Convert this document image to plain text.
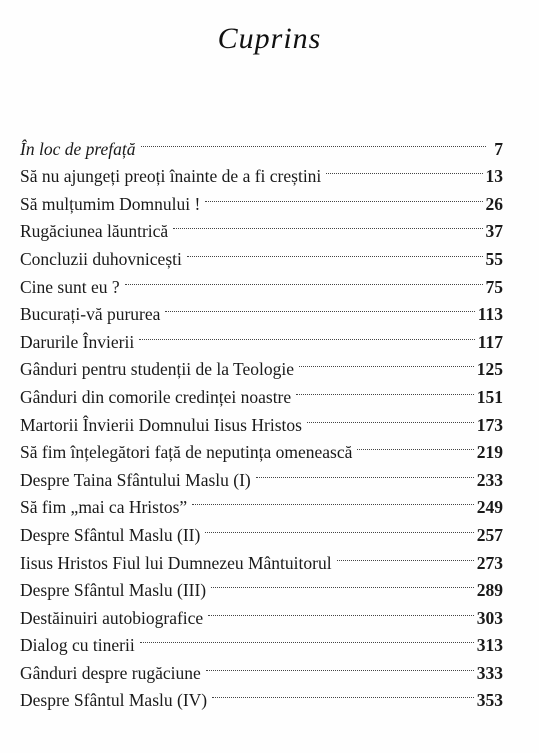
Cuprins
În loc de prefață	7
Să nu ajungeți preoți înainte de a fi creștini	13
Să mulțumim Domnului !	26
Rugăciunea lăuntrică	37
Concluzii duhovnicești	55
Cine sunt eu ?	75
Bucurați-vă pururea	113
Darurile Învierii	117
Gânduri pentru studenții de la Teologie	125
Gânduri din comorile credinței noastre	151
Martorii Învierii Domnului Iisus Hristos	173
Să fim înțelegători față de neputința omenească	219
Despre Taina Sfântului Maslu (I)	233
Să fim „mai ca Hristos”	249
Despre Sfântul Maslu (II)	257
Iisus Hristos Fiul lui Dumnezeu Mântuitorul	273
Despre Sfântul Maslu (III)	289
Destăinuiri autobiografice	303
Dialog cu tinerii	313
Gânduri despre rugăciune	333
Despre Sfântul Maslu (IV)	353
